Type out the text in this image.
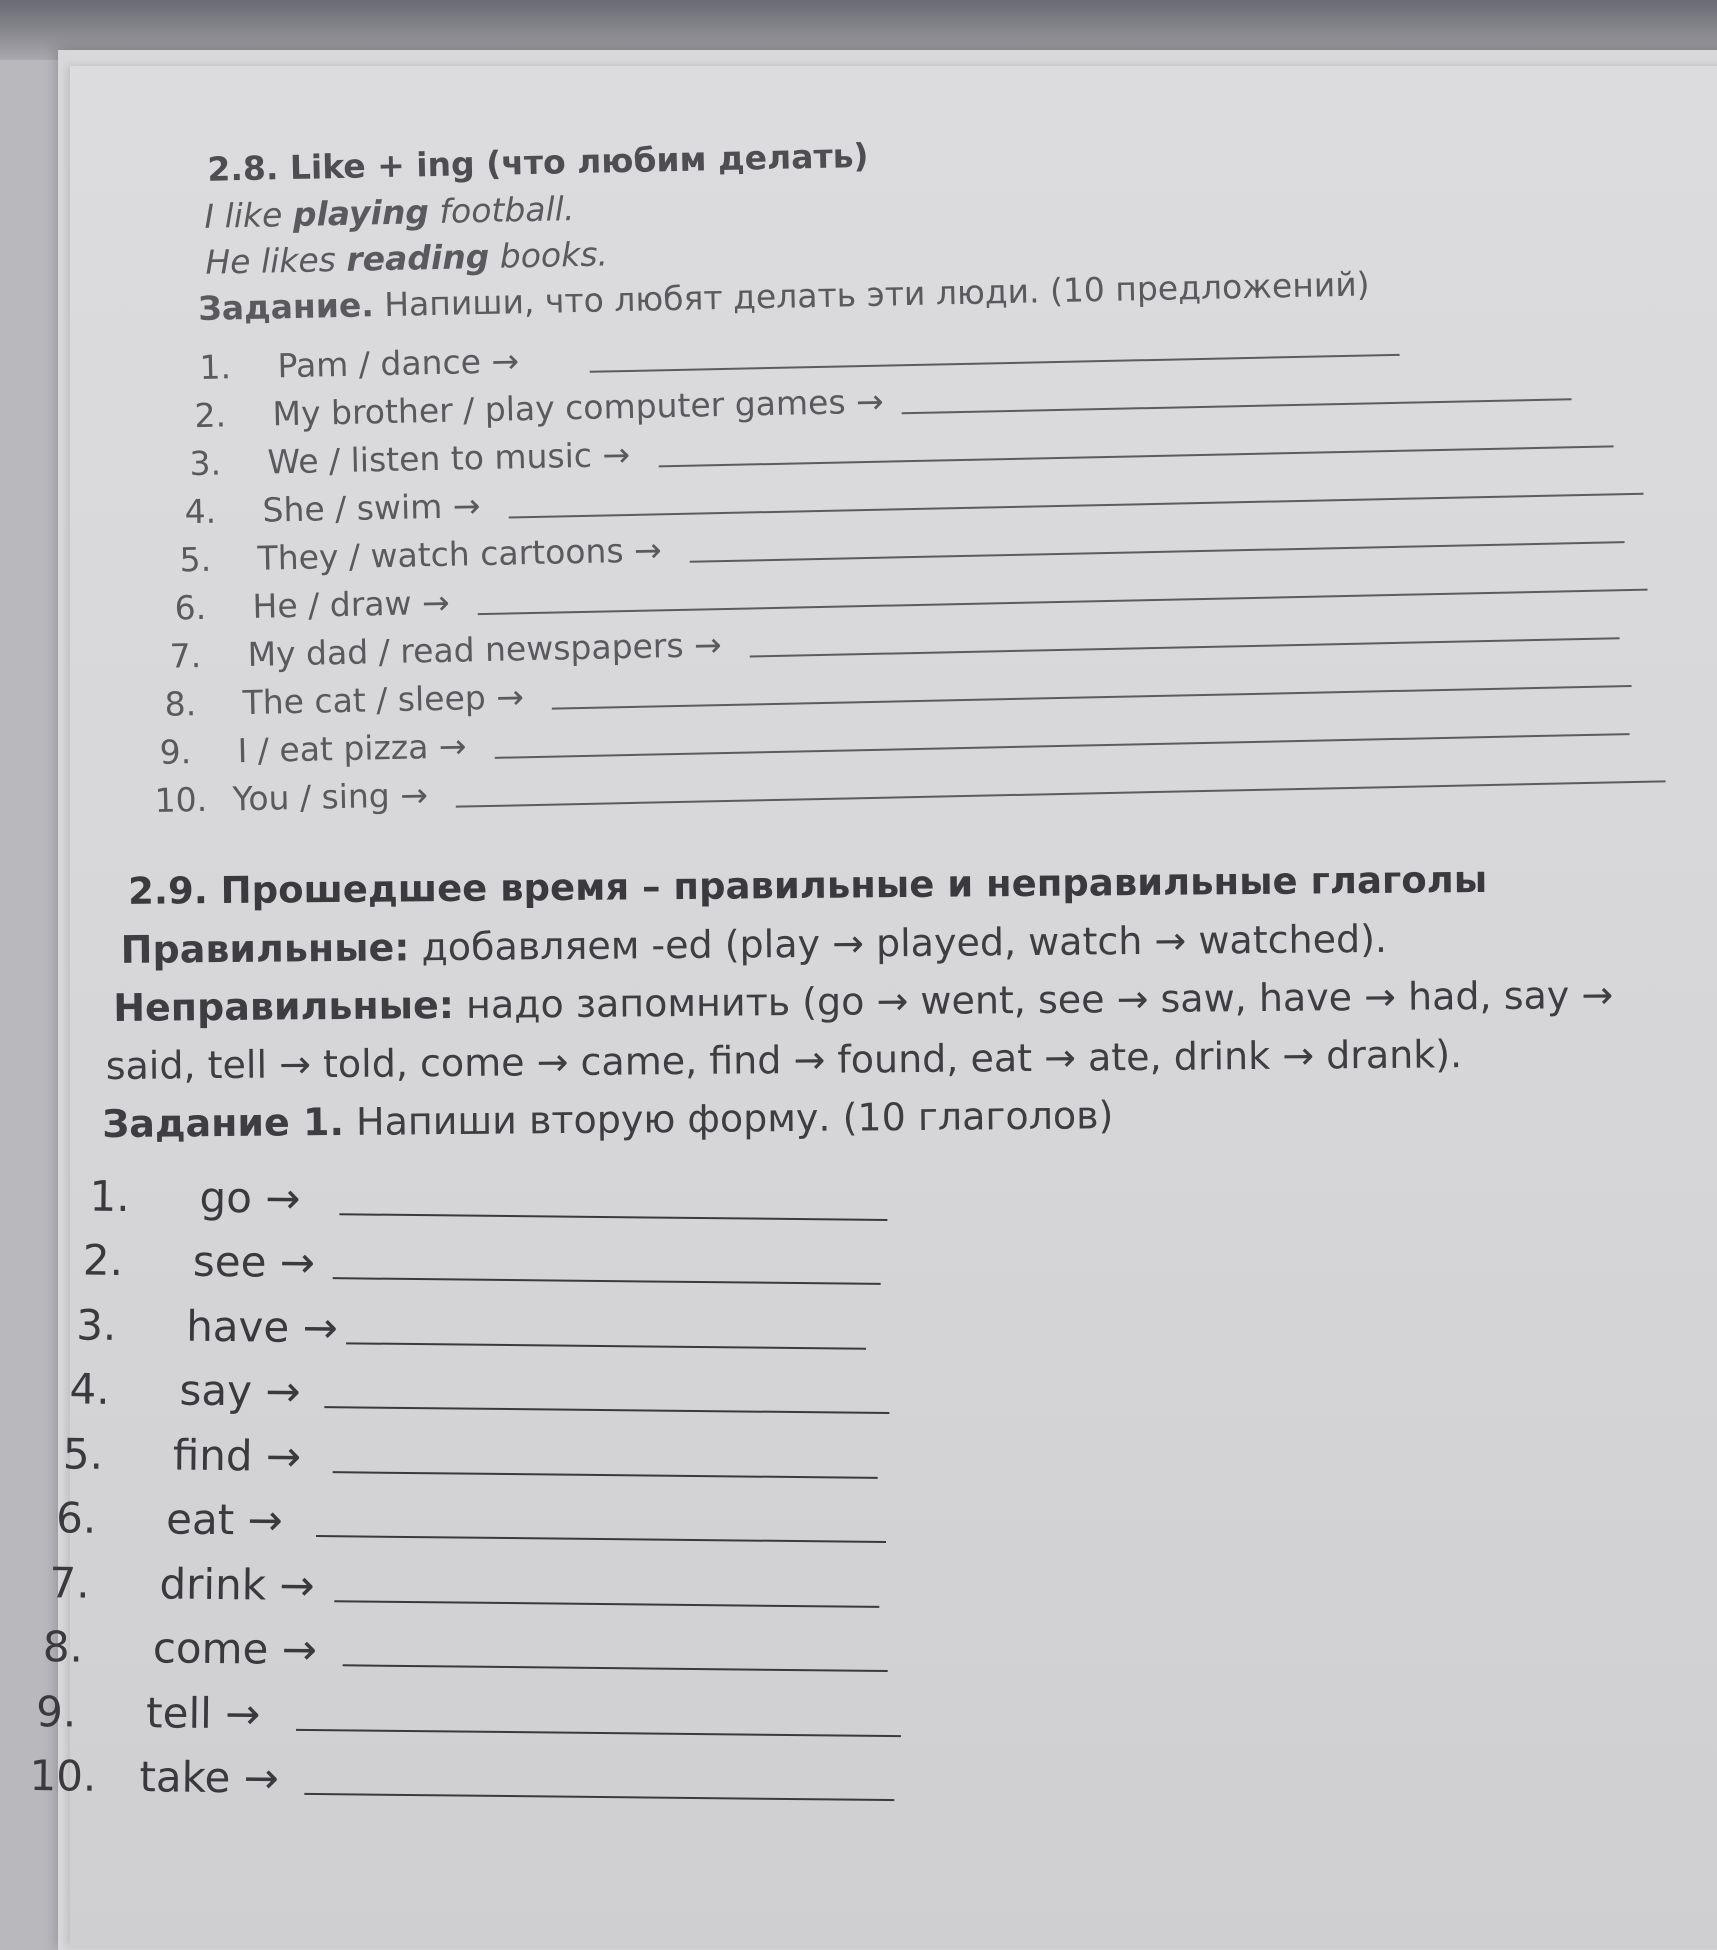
2.8. Like + ing (что любим делать)
I like playing football.
He likes reading books.
Задание. Напиши, что любят делать эти люди. (10 предложений)
1.	Pam / dance →
2.	My brother / play computer games →
3.	We / listen to music →
4.	She / swim →
5.	They / watch cartoons →
6.	He / draw →
7.	My dad / read newspapers →
8.	The cat / sleep →
9.	I / eat pizza →
10. You / sing →
2.9. Прошедшее время – правильные и неправильные глаголы

Правильные: добавляем -ed (play → played, watch → watched).

Неправильные: надо запомнить (go → went, see → saw, have → had, say →

said, tell → told, come → came, find → found, eat → ate, drink → drank).

Задание 1. Напиши вторую форму. (10 глаголов)

1.	go →
2.	see →
3.	have →
4.	say →
5.	find →
6.	eat →
7.	drink →
8.	come →
9.	tell →
10.	take →
